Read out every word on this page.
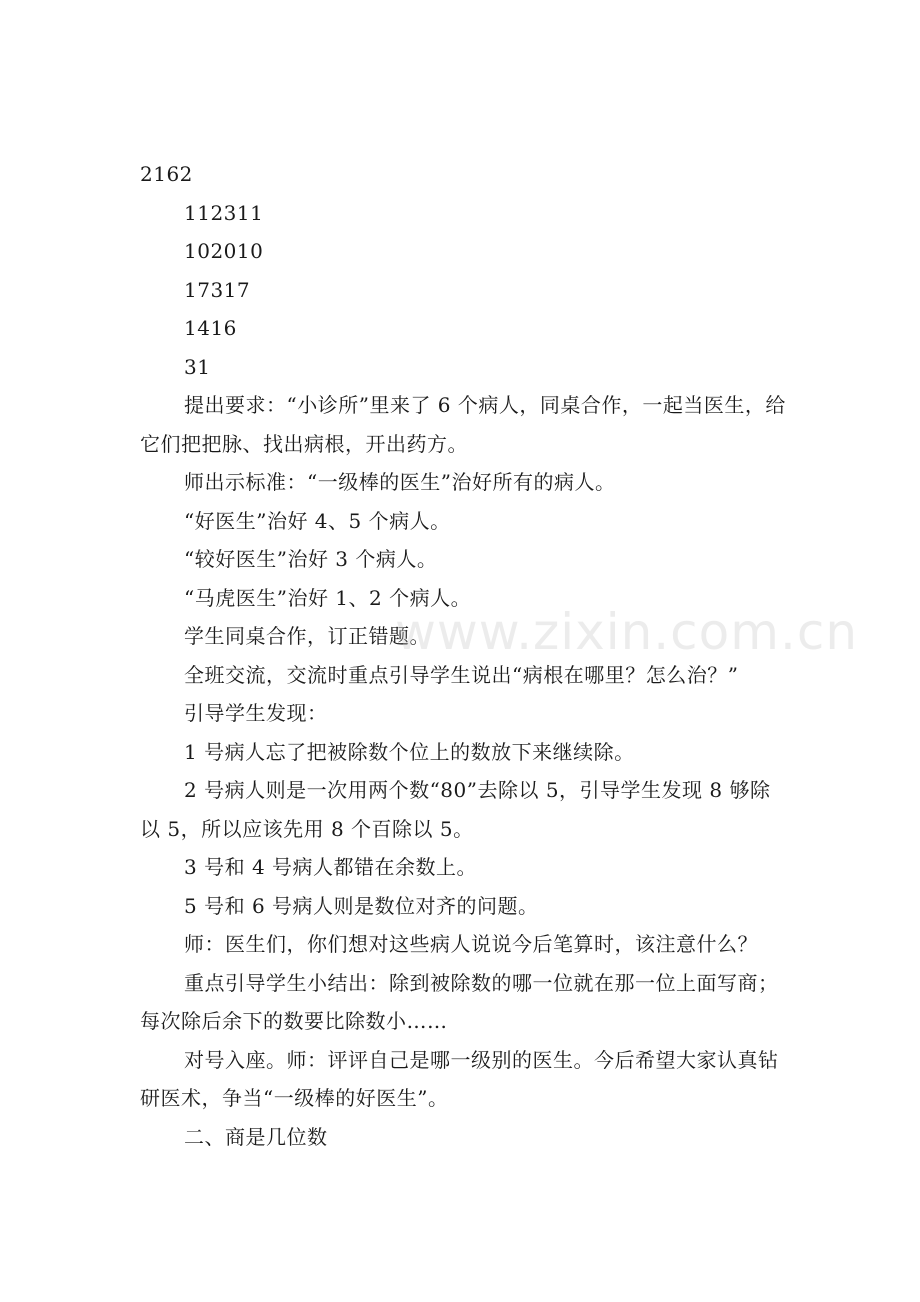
2162
112311
102010
17317
1416
31

提出要求：“小诊所”里来了 6 个病人，同桌合作，一起当医生，给它们把把脉、找出病根，开出药方。

师出示标准：“一级棒的医生”治好所有的病人。

“好医生”治好 4、5 个病人。

“较好医生”治好 3 个病人。

“马虎医生”治好 1、2 个病人。

学生同桌合作，订正错题。

全班交流，交流时重点引导学生说出“病根在哪里？怎么治？”

引导学生发现：

1 号病人忘了把被除数个位上的数放下来继续除。

2 号病人则是一次用两个数“80”去除以 5，引导学生发现 8 够除以 5，所以应该先用 8 个百除以 5。

3 号和 4 号病人都错在余数上。

5 号和 6 号病人则是数位对齐的问题。

师：医生们，你们想对这些病人说说今后笔算时，该注意什么？

重点引导学生小结出：除到被除数的哪一位就在那一位上面写商；每次除后余下的数要比除数小……

对号入座。师：评评自己是哪一级别的医生。今后希望大家认真钻研医术，争当“一级棒的好医生”。

二、商是几位数

www.zixin.com.cn
